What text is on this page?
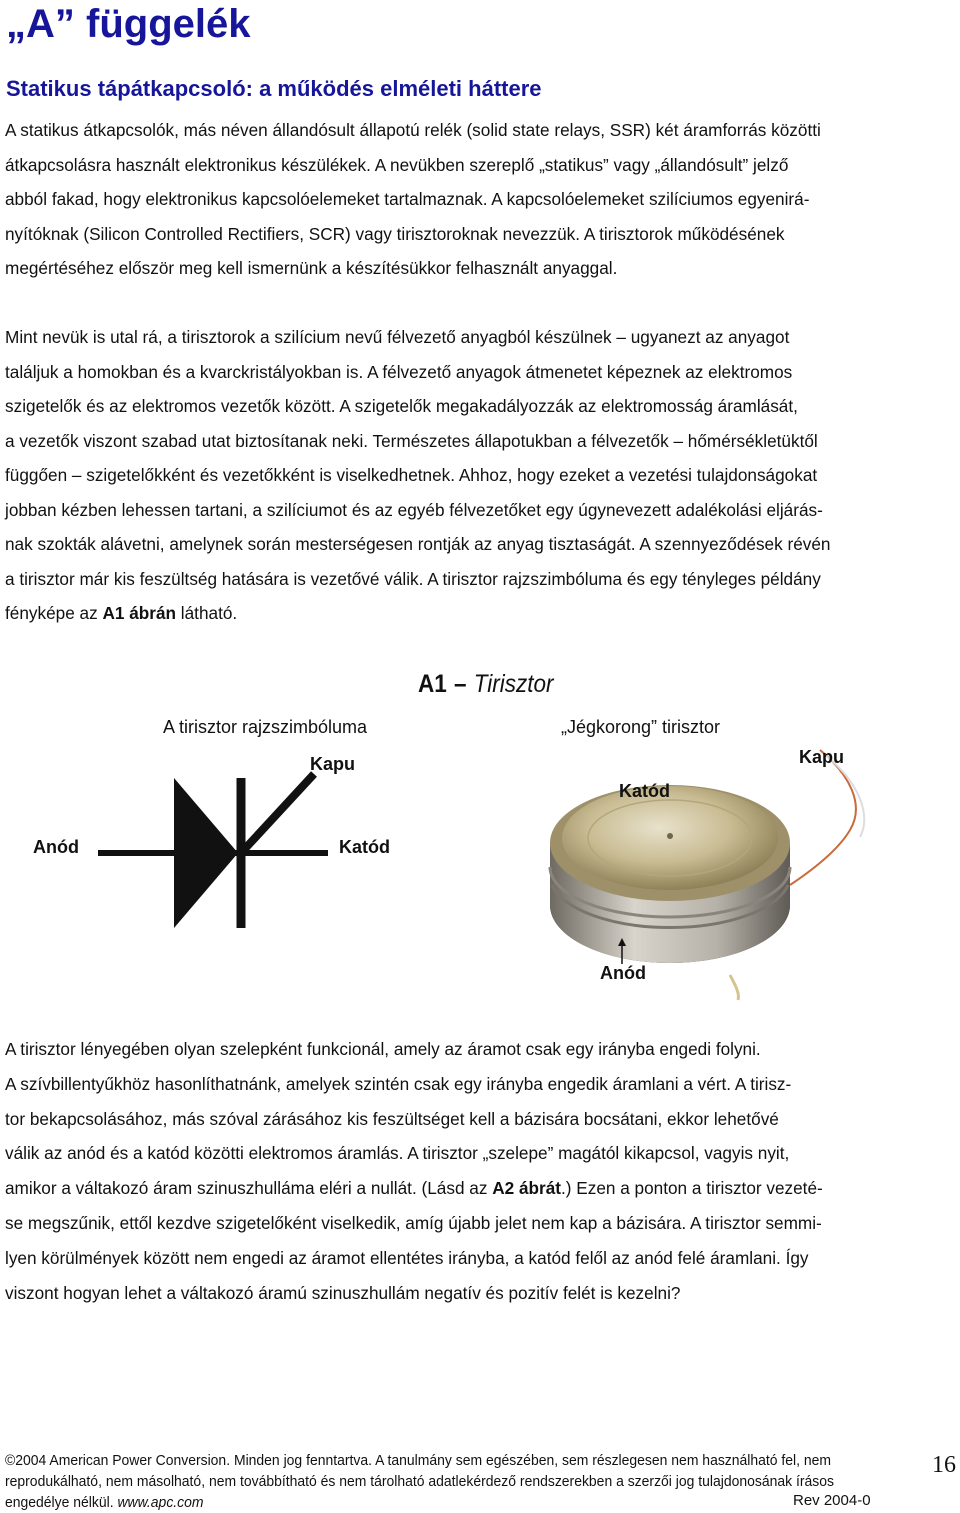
„A” függelék
Statikus tápátkapcsoló: a működés elméleti háttere
A statikus átkapcsolók, más néven állandósult állapotú relék (solid state relays, SSR) két áramforrás közötti
átkapcsolásra használt elektronikus készülékek. A nevükben szereplő „statikus” vagy „állandósult” jelző
abból fakad, hogy elektronikus kapcsolóelemeket tartalmaznak. A kapcsolóelemeket szilíciumos egyenirá-
nyítóknak (Silicon Controlled Rectifiers, SCR) vagy tirisztoroknak nevezzük. A tirisztorok működésének
megértéséhez először meg kell ismernünk a készítésükkor felhasznált anyaggal.
Mint nevük is utal rá, a tirisztorok a szilícium nevű félvezető anyagból készülnek – ugyanezt az anyagot
találjuk a homokban és a kvarckristályokban is. A félvezető anyagok átmenetet képeznek az elektromos
szigetelők és az elektromos vezetők között. A szigetelők megakadályozzák az elektromosság áramlását,
a vezetők viszont szabad utat biztosítanak neki. Természetes állapotukban a félvezetők – hőmérsékletüktől
függően – szigetelőkként és vezetőkként is viselkedhetnek. Ahhoz, hogy ezeket a vezetési tulajdonságokat
jobban kézben lehessen tartani, a szilíciumot és az egyéb félvezetőket egy úgynevezett adalékolási eljárás-
nak szokták alávetni, amelynek során mesterségesen rontják az anyag tisztaságát. A szennyeződések révén
a tirisztor már kis feszültség hatására is vezetővé válik. A tirisztor rajzszimbóluma és egy tényleges példány
fényképe az A1 ábrán látható.
A1 – Tirisztor
A tirisztor rajzszimbóluma	„Jégkorong” tirisztor
Kapu
Anód	Katód
Kapu
Katód
Anód
A tirisztor lényegében olyan szelepként funkcionál, amely az áramot csak egy irányba engedi folyni.
A szívbillentyűkhöz hasonlíthatnánk, amelyek szintén csak egy irányba engedik áramlani a vért. A tirisz-
tor bekapcsolásához, más szóval zárásához kis feszültséget kell a bázisára bocsátani, ekkor lehetővé
válik az anód és a katód közötti elektromos áramlás. A tirisztor „szelepe” magától kikapcsol, vagyis nyit,
amikor a váltakozó áram szinuszhulláma eléri a nullát. (Lásd az A2 ábrát.) Ezen a ponton a tirisztor vezeté-
se megszűnik, ettől kezdve szigetelőként viselkedik, amíg újabb jelet nem kap a bázisára. A tirisztor semmi-
lyen körülmények között nem engedi az áramot ellentétes irányba, a katód felől az anód felé áramlani. Így
viszont hogyan lehet a váltakozó áramú szinuszhullám negatív és pozitív felét is kezelni?
©2004 American Power Conversion. Minden jog fenntartva. A tanulmány sem egészében, sem részlegesen nem használható fel, nem
reprodukálható, nem másolható, nem továbbítható és nem tárolható adatlekérdező rendszerekben a szerzői jog tulajdonosának írásos
engedélye nélkül. www.apc.com	Rev 2004-0
16
